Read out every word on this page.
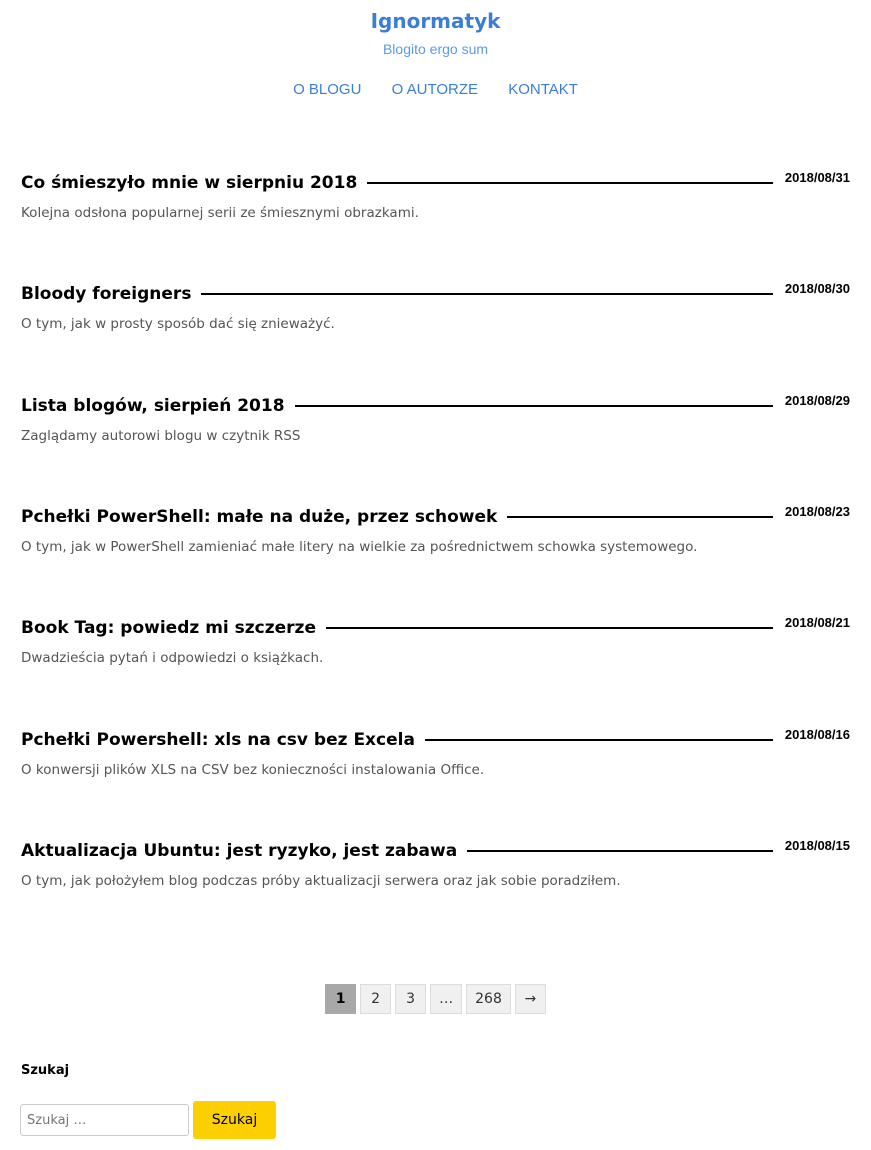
Ignormatyk
Blogito ergo sum
O BLOGU O AUTORZE KONTAKT
Co śmieszyło mnie w sierpniu 2018	2018/08/31
Kolejna odsłona popularnej serii ze śmiesznymi obrazkami.
Bloody foreigners	2018/08/30
O tym, jak w prosty sposób dać się znieważyć.
Lista blogów, sierpień 2018	2018/08/29
Zaglądamy autorowi blogu w czytnik RSS
Pchełki PowerShell: małe na duże, przez schowek	2018/08/23
O tym, jak w PowerShell zamieniać małe litery na wielkie za pośrednictwem schowka systemowego.
Book Tag: powiedz mi szczerze	2018/08/21
Dwadzieścia pytań i odpowiedzi o książkach.
Pchełki Powershell: xls na csv bez Excela	2018/08/16
O konwersji plików XLS na CSV bez konieczności instalowania Office.
Aktualizacja Ubuntu: jest ryzyko, jest zabawa	2018/08/15
O tym, jak położyłem blog podczas próby aktualizacji serwera oraz jak sobie poradziłem.
1	2	3	…	268	→
Szukaj
Szukaj …
Szukaj
